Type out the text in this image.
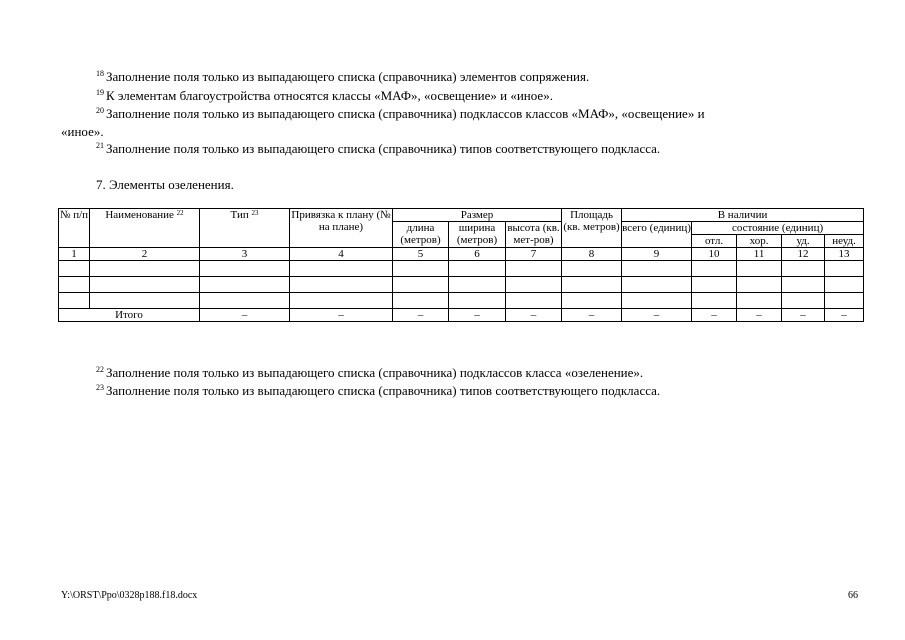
$^{18}$ Заполнение поля только из выпадающего списка (справочника) элементов сопряжения.
$^{19}$ К элементам благоустройства относятся классы «МАФ», «освещение» и «иное».
$^{20}$ Заполнение поля только из выпадающего списка (справочника) подклассов классов «МАФ», «освещение» и
«иное».
$^{21}$ Заполнение поля только из выпадающего списка (справочника) типов соответствующего подкласса.
7. Элементы озеленения.
№ п/п	Наименование $^{22}$	Тип $^{23}$	Привязка к плану (№ на плане)	Размер			Площадь (кв. метров)	В наличии				
				длина (метров)	ширина (метров)	высота (кв. мет-ров)		всего (единиц)	состояние (единиц)			
									отл.	хор.	уд.	неуд.
1	2	3	4	5	6	7	8	9	10	11	12	13

Итого		–	–	–	–	–	–	–	–	–	–	–
$^{22}$ Заполнение поля только из выпадающего списка (справочника) подклассов класса «озеленение».
$^{23}$ Заполнение поля только из выпадающего списка (справочника) типов соответствующего подкласса.
Y:\ORST\Ppo\0328p188.f18.docx	66
